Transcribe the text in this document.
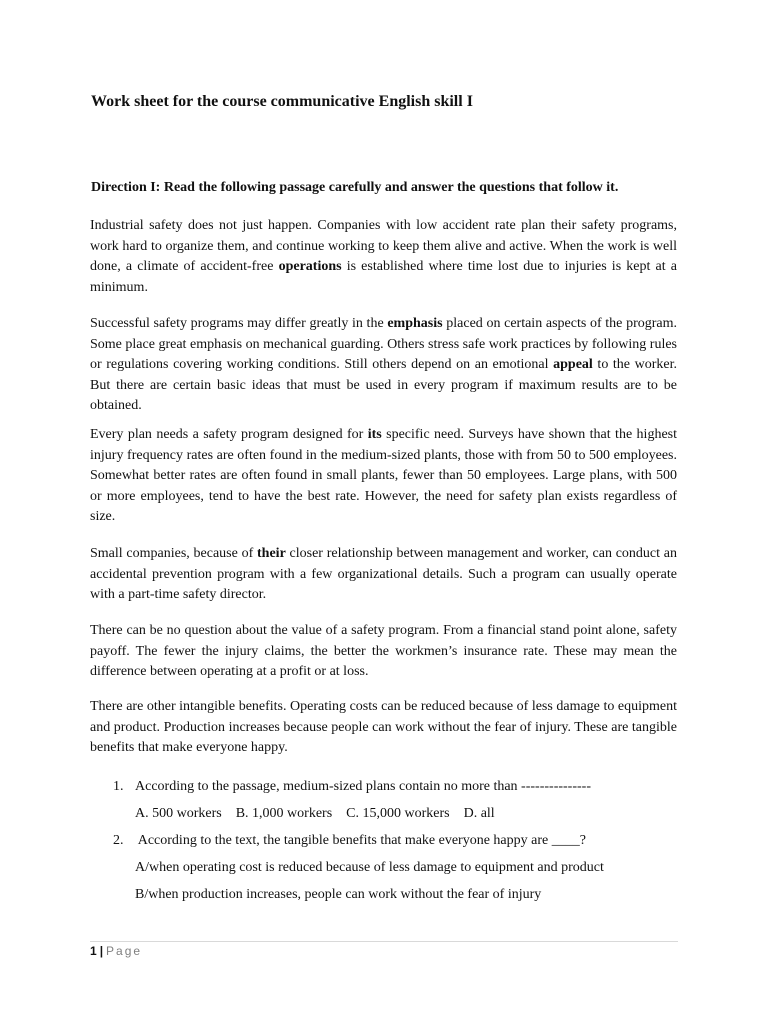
Work sheet for the course communicative English skill I
Direction I: Read the following passage carefully and answer the questions that follow it.

Industrial safety does not just happen. Companies with low accident rate plan their safety programs, work hard to organize them, and continue working to keep them alive and active. When the work is well done, a climate of accident-free operations is established where time lost due to injuries is kept at a minimum.

Successful safety programs may differ greatly in the emphasis placed on certain aspects of the program. Some place great emphasis on mechanical guarding. Others stress safe work practices by following rules or regulations covering working conditions. Still others depend on an emotional appeal to the worker. But there are certain basic ideas that must be used in every program if maximum results are to be obtained.

Every plan needs a safety program designed for its specific need. Surveys have shown that the highest injury frequency rates are often found in the medium-sized plants, those with from 50 to 500 employees. Somewhat better rates are often found in small plants, fewer than 50 employees. Large plans, with 500 or more employees, tend to have the best rate. However, the need for safety plan exists regardless of size.

Small companies, because of their closer relationship between management and worker, can conduct an accidental prevention program with a few organizational details. Such a program can usually operate with a part-time safety director.

There can be no question about the value of a safety program. From a financial stand point alone, safety payoff. The fewer the injury claims, the better the workmen’s insurance rate. These may mean the difference between operating at a profit or at loss.

There are other intangible benefits. Operating costs can be reduced because of less damage to equipment and product. Production increases because people can work without the fear of injury. These are tangible benefits that make everyone happy.

1. According to the passage, medium-sized plans contain no more than ---------------
A. 500 workers B. 1,000 workers C. 15,000 workers D. all
2. According to the text, the tangible benefits that make everyone happy are ____?
A/when operating cost is reduced because of less damage to equipment and product
B/when production increases, people can work without the fear of injury
1 | Page
